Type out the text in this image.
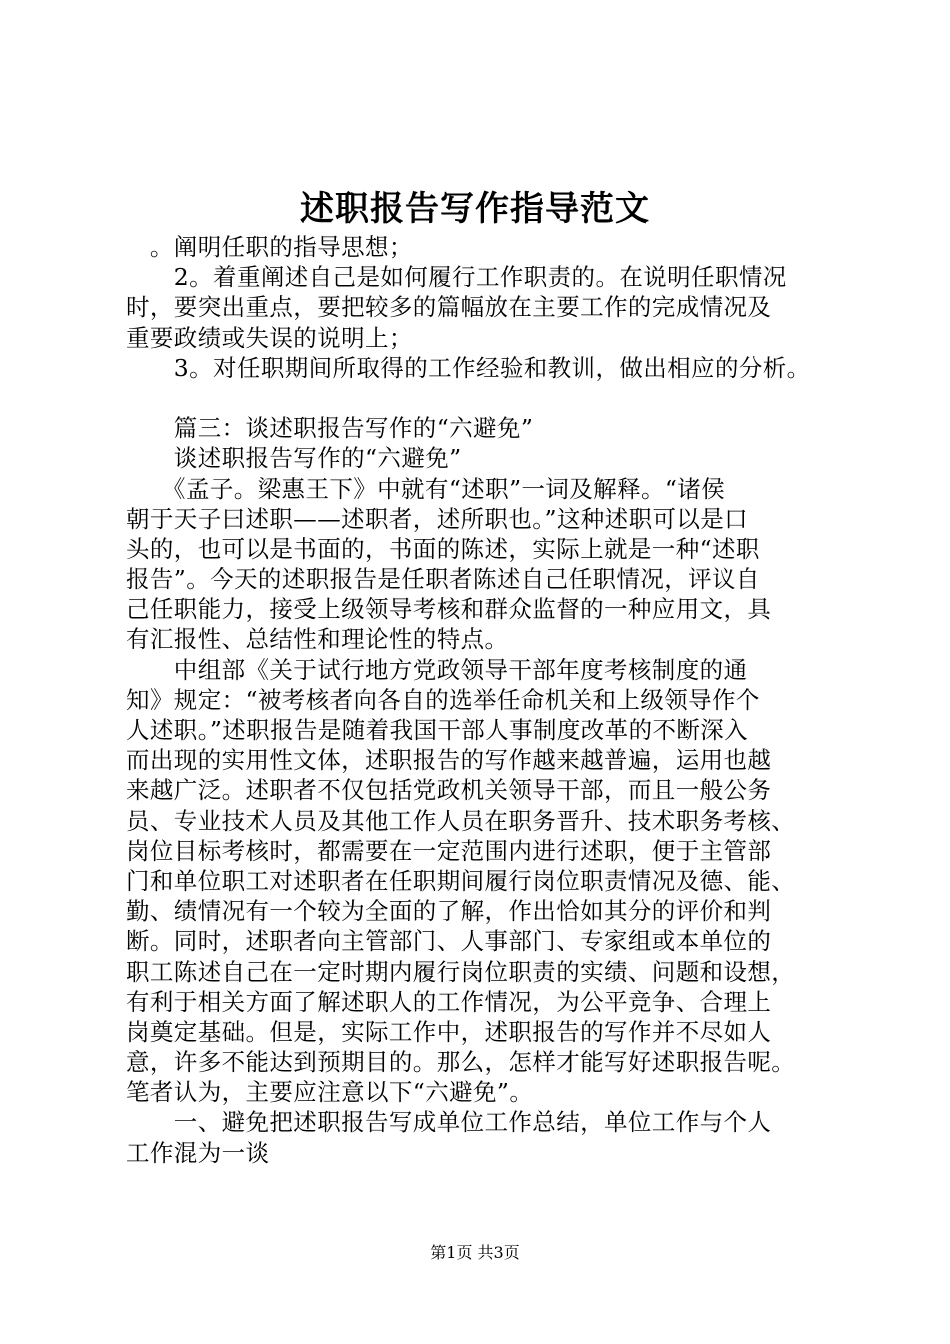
述职报告写作指导范文
　。阐明任职的指导思想；
　　2。着重阐述自己是如何履行工作职责的。在说明任职情况
时，要突出重点，要把较多的篇幅放在主要工作的完成情况及
重要政绩或失误的说明上；
　　3。对任职期间所取得的工作经验和教训，做出相应的分析。
　　篇三：谈述职报告写作的“六避免”
　　谈述职报告写作的“六避免”
　　《孟子。梁惠王下》中就有“述职”一词及解释。“诸侯
朝于天子曰述职——述职者，述所职也。”这种述职可以是口
头的，也可以是书面的，书面的陈述，实际上就是一种“述职
报告”。今天的述职报告是任职者陈述自己任职情况，评议自
己任职能力，接受上级领导考核和群众监督的一种应用文，具
有汇报性、总结性和理论性的特点。
　　中组部《关于试行地方党政领导干部年度考核制度的通
知》规定：“被考核者向各自的选举任命机关和上级领导作个
人述职。”述职报告是随着我国干部人事制度改革的不断深入
而出现的实用性文体，述职报告的写作越来越普遍，运用也越
来越广泛。述职者不仅包括党政机关领导干部，而且一般公务
员、专业技术人员及其他工作人员在职务晋升、技术职务考核、
岗位目标考核时，都需要在一定范围内进行述职，便于主管部
门和单位职工对述职者在任职期间履行岗位职责情况及德、能、
勤、绩情况有一个较为全面的了解，作出恰如其分的评价和判
断。同时，述职者向主管部门、人事部门、专家组或本单位的
职工陈述自己在一定时期内履行岗位职责的实绩、问题和设想，
有利于相关方面了解述职人的工作情况，为公平竞争、合理上
岗奠定基础。但是，实际工作中，述职报告的写作并不尽如人
意，许多不能达到预期目的。那么，怎样才能写好述职报告呢。
笔者认为，主要应注意以下“六避免”。
　　一、避免把述职报告写成单位工作总结，单位工作与个人
工作混为一谈
第1页 共3页
